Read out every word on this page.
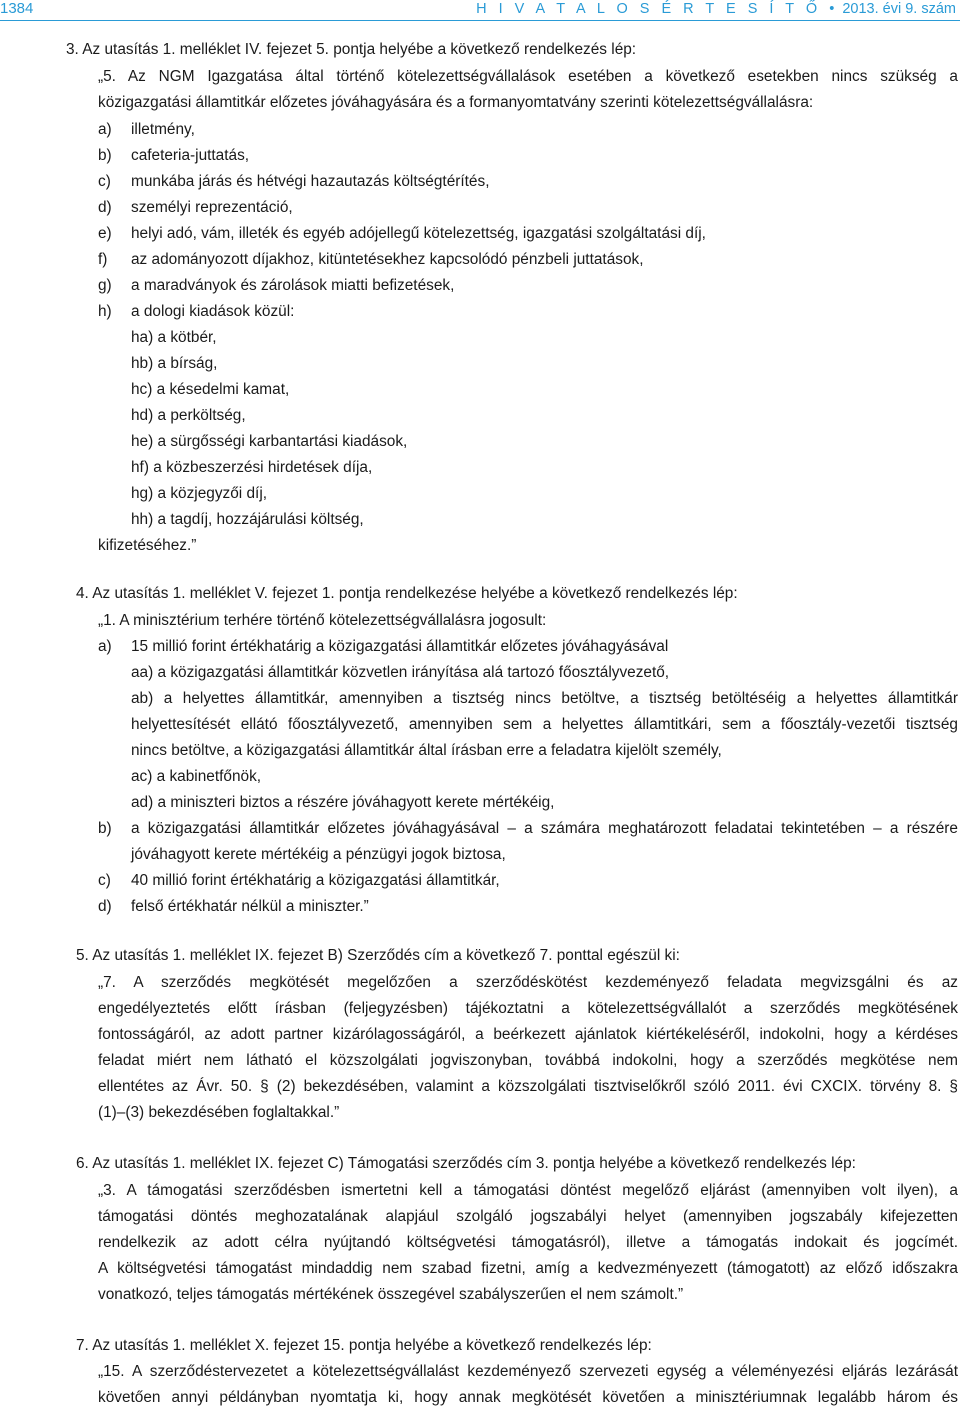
1384	H I V A T A L O S É R T E S Í T Ő  •  2013. évi 9. szám
3. Az utasítás 1. melléklet IV. fejezet 5. pontja helyébe a következő rendelkezés lép:
„5. Az NGM Igazgatása által történő kötelezettségvállalások esetében a következő esetekben nincs szükség a
közigazgatási államtitkár előzetes jóváhagyására és a formanyomtatvány szerinti kötelezettségvállalásra:
a) illetmény,
b) cafeteria-juttatás,
c) munkába járás és hétvégi hazautazás költségtérítés,
d) személyi reprezentáció,
e) helyi adó, vám, illeték és egyéb adójellegű kötelezettség, igazgatási szolgáltatási díj,
f) az adományozott díjakhoz, kitüntetésekhez kapcsolódó pénzbeli juttatások,
g) a maradványok és zárolások miatti befizetések,
h) a dologi kiadások közül:
ha) a kötbér,
hb) a bírság,
hc) a késedelmi kamat,
hd) a perköltség,
he) a sürgősségi karbantartási kiadások,
hf) a közbeszerzési hirdetések díja,
hg) a közjegyzői díj,
hh) a tagdíj, hozzájárulási költség,
kifizetéséhez.”
4. Az utasítás 1. melléklet V. fejezet 1. pontja rendelkezése helyébe a következő rendelkezés lép:
„1. A minisztérium terhére történő kötelezettségvállalásra jogosult:
a) 15 millió forint értékhatárig a közigazgatási államtitkár előzetes jóváhagyásával
aa) a közigazgatási államtitkár közvetlen irányítása alá tartozó főosztályvezető,
ab) a helyettes államtitkár, amennyiben a tisztség nincs betöltve, a tisztség betöltéséig a helyettes államtitkár
helyettesítését ellátó főosztályvezető, amennyiben sem a helyettes államtitkári, sem a főosztály-vezetői tisztség
nincs betöltve, a közigazgatási államtitkár által írásban erre a feladatra kijelölt személy,
ac) a kabinetfőnök,
ad) a miniszteri biztos a részére jóváhagyott kerete mértékéig,
b) a közigazgatási államtitkár előzetes jóváhagyásával – a számára meghatározott feladatai tekintetében – a részére
jóváhagyott kerete mértékéig a pénzügyi jogok biztosa,
c) 40 millió forint értékhatárig a közigazgatási államtitkár,
d) felső értékhatár nélkül a miniszter.”
5. Az utasítás 1. melléklet IX. fejezet B) Szerződés cím a következő 7. ponttal egészül ki:
„7. A szerződés megkötését megelőzően a szerződéskötést kezdeményező feladata megvizsgálni és az
engedélyeztetés előtt írásban (feljegyzésben) tájékoztatni a kötelezettségvállalót a szerződés megkötésének
fontosságáról, az adott partner kizárólagosságáról, a beérkezett ajánlatok kiértékeléséről, indokolni, hogy a kérdéses
feladat miért nem látható el közszolgálati jogviszonyban, továbbá indokolni, hogy a szerződés megkötése nem
ellentétes az Ávr. 50. § (2) bekezdésében, valamint a közszolgálati tisztviselőkről szóló 2011. évi CXCIX. törvény 8. §
(1)–(3) bekezdésében foglaltakkal.”
6. Az utasítás 1. melléklet IX. fejezet C) Támogatási szerződés cím 3. pontja helyébe a következő rendelkezés lép:
„3. A támogatási szerződésben ismertetni kell a támogatási döntést megelőző eljárást (amennyiben volt ilyen), a
támogatási döntés meghozatalának alapjául szolgáló jogszabályi helyet (amennyiben jogszabály kifejezetten
rendelkezik az adott célra nyújtandó költségvetési támogatásról), illetve a támogatás indokait és jogcímét.
A költségvetési támogatást mindaddig nem szabad fizetni, amíg a kedvezményezett (támogatott) az előző időszakra
vonatkozó, teljes támogatás mértékének összegével szabályszerűen el nem számolt.”
7. Az utasítás 1. melléklet X. fejezet 15. pontja helyébe a következő rendelkezés lép:
„15. A szerződéstervezetet a kötelezettségvállalást kezdeményező szervezeti egység a véleményezési eljárás lezárását
követően annyi példányban nyomtatja ki, hogy annak megkötését követően a minisztériumnak legalább három és
